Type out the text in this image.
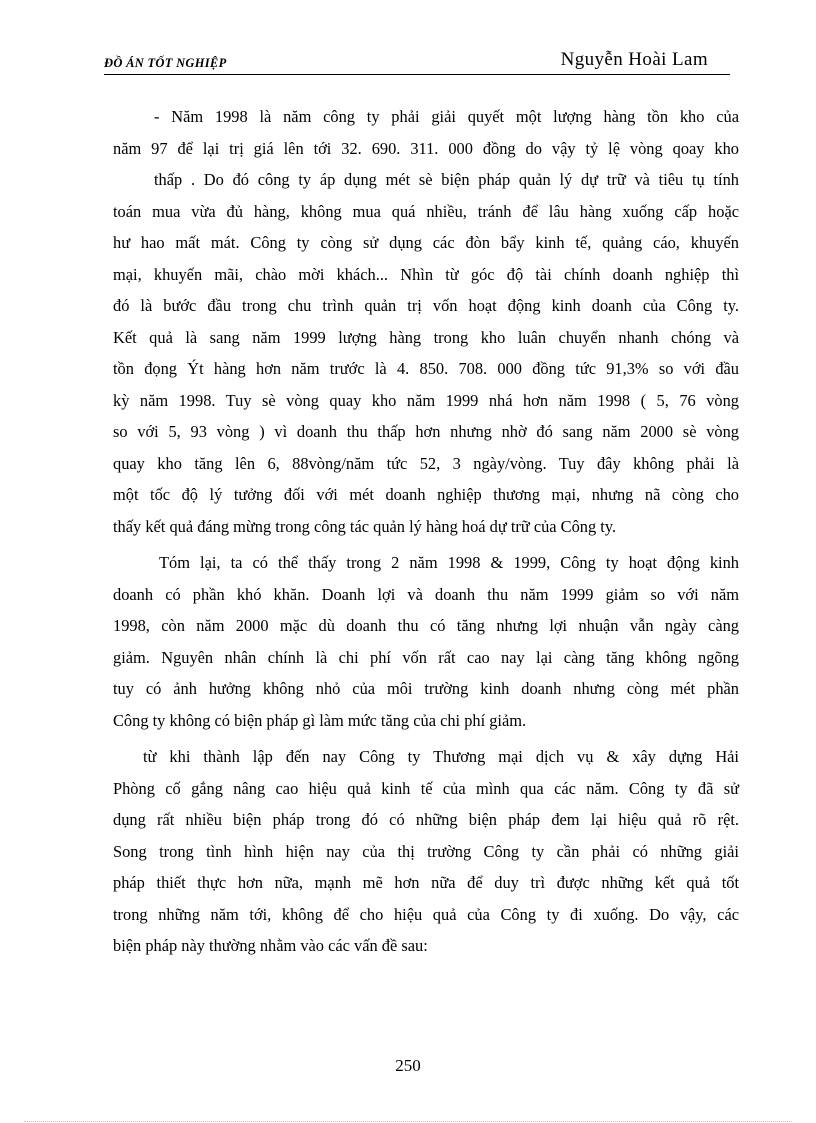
ĐỒ ÁN TỐT NGHIỆP	Nguyễn Hoài Lam
- Năm 1998 là năm công ty phải giải quyết một lượng hàng tồn kho của
năm 97 để lại trị giá lên tới 32. 690. 311. 000 đồng do vậy tỷ lệ vòng qoay kho
thấp . Do đó công ty áp dụng mét sè biện pháp quản lý dự trữ và tiêu tụ tính
toán mua vừa đủ hàng, không mua quá nhiều, tránh để lâu hàng xuống cấp hoặc
hư hao mất mát. Công ty còng sử dụng các đòn bẩy kinh tế, quảng cáo, khuyến
mại, khuyến mãi, chào mời khách... Nhìn từ góc độ tài chính doanh nghiệp thì
đó là bước đầu trong chu trình quản trị vốn hoạt động kinh doanh của Công ty.
Kết quả là sang năm 1999 lượng hàng trong kho luân chuyển nhanh chóng và
tồn đọng Ýt hàng hơn năm trước là 4. 850. 708. 000 đồng tức 91,3% so với đầu
kỳ năm 1998. Tuy sè vòng quay kho năm 1999 nhá hơn năm 1998 ( 5, 76 vòng
so với 5, 93 vòng ) vì doanh thu thấp hơn nhưng nhờ đó sang năm 2000 sè vòng
quay kho tăng lên 6, 88vòng/năm tức 52, 3 ngày/vòng. Tuy đây không phải là
một tốc độ lý tưởng đối với mét doanh nghiệp thương mại, nhưng nã còng cho
thấy kết quả đáng mừng trong công tác quản lý hàng hoá dự trữ của Công ty.
Tóm lại, ta có thể thấy trong 2 năm 1998 & 1999, Công ty hoạt động kinh
doanh có phần khó khăn. Doanh lợi và doanh thu năm 1999 giảm so với năm
1998, còn năm 2000 mặc dù doanh thu có tăng nhưng lợi nhuận vẫn ngày càng
giảm. Nguyên nhân chính là chi phí vốn rất cao nay lại càng tăng không ngõng
tuy có ảnh hưởng không nhỏ của môi trường kinh doanh nhưng còng mét phần
Công ty không có biện pháp gì làm mức tăng của chi phí giảm.
từ khi thành lập đến nay Công ty Thương mại dịch vụ & xây dựng Hải
Phòng cố gắng nâng cao hiệu quả kinh tế của mình qua các năm. Công ty đã sử
dụng rất nhiều biện pháp trong đó có những biện pháp đem lại hiệu quả rõ rệt.
Song trong tình hình hiện nay của thị trường Công ty cần phải có những giải
pháp thiết thực hơn nữa, mạnh mẽ hơn nữa để duy trì được những kết quả tốt
trong những năm tới, không để cho hiệu quả của Công ty đi xuống. Do vậy, các
biện pháp này thường nhằm vào các vấn đề sau:
250
